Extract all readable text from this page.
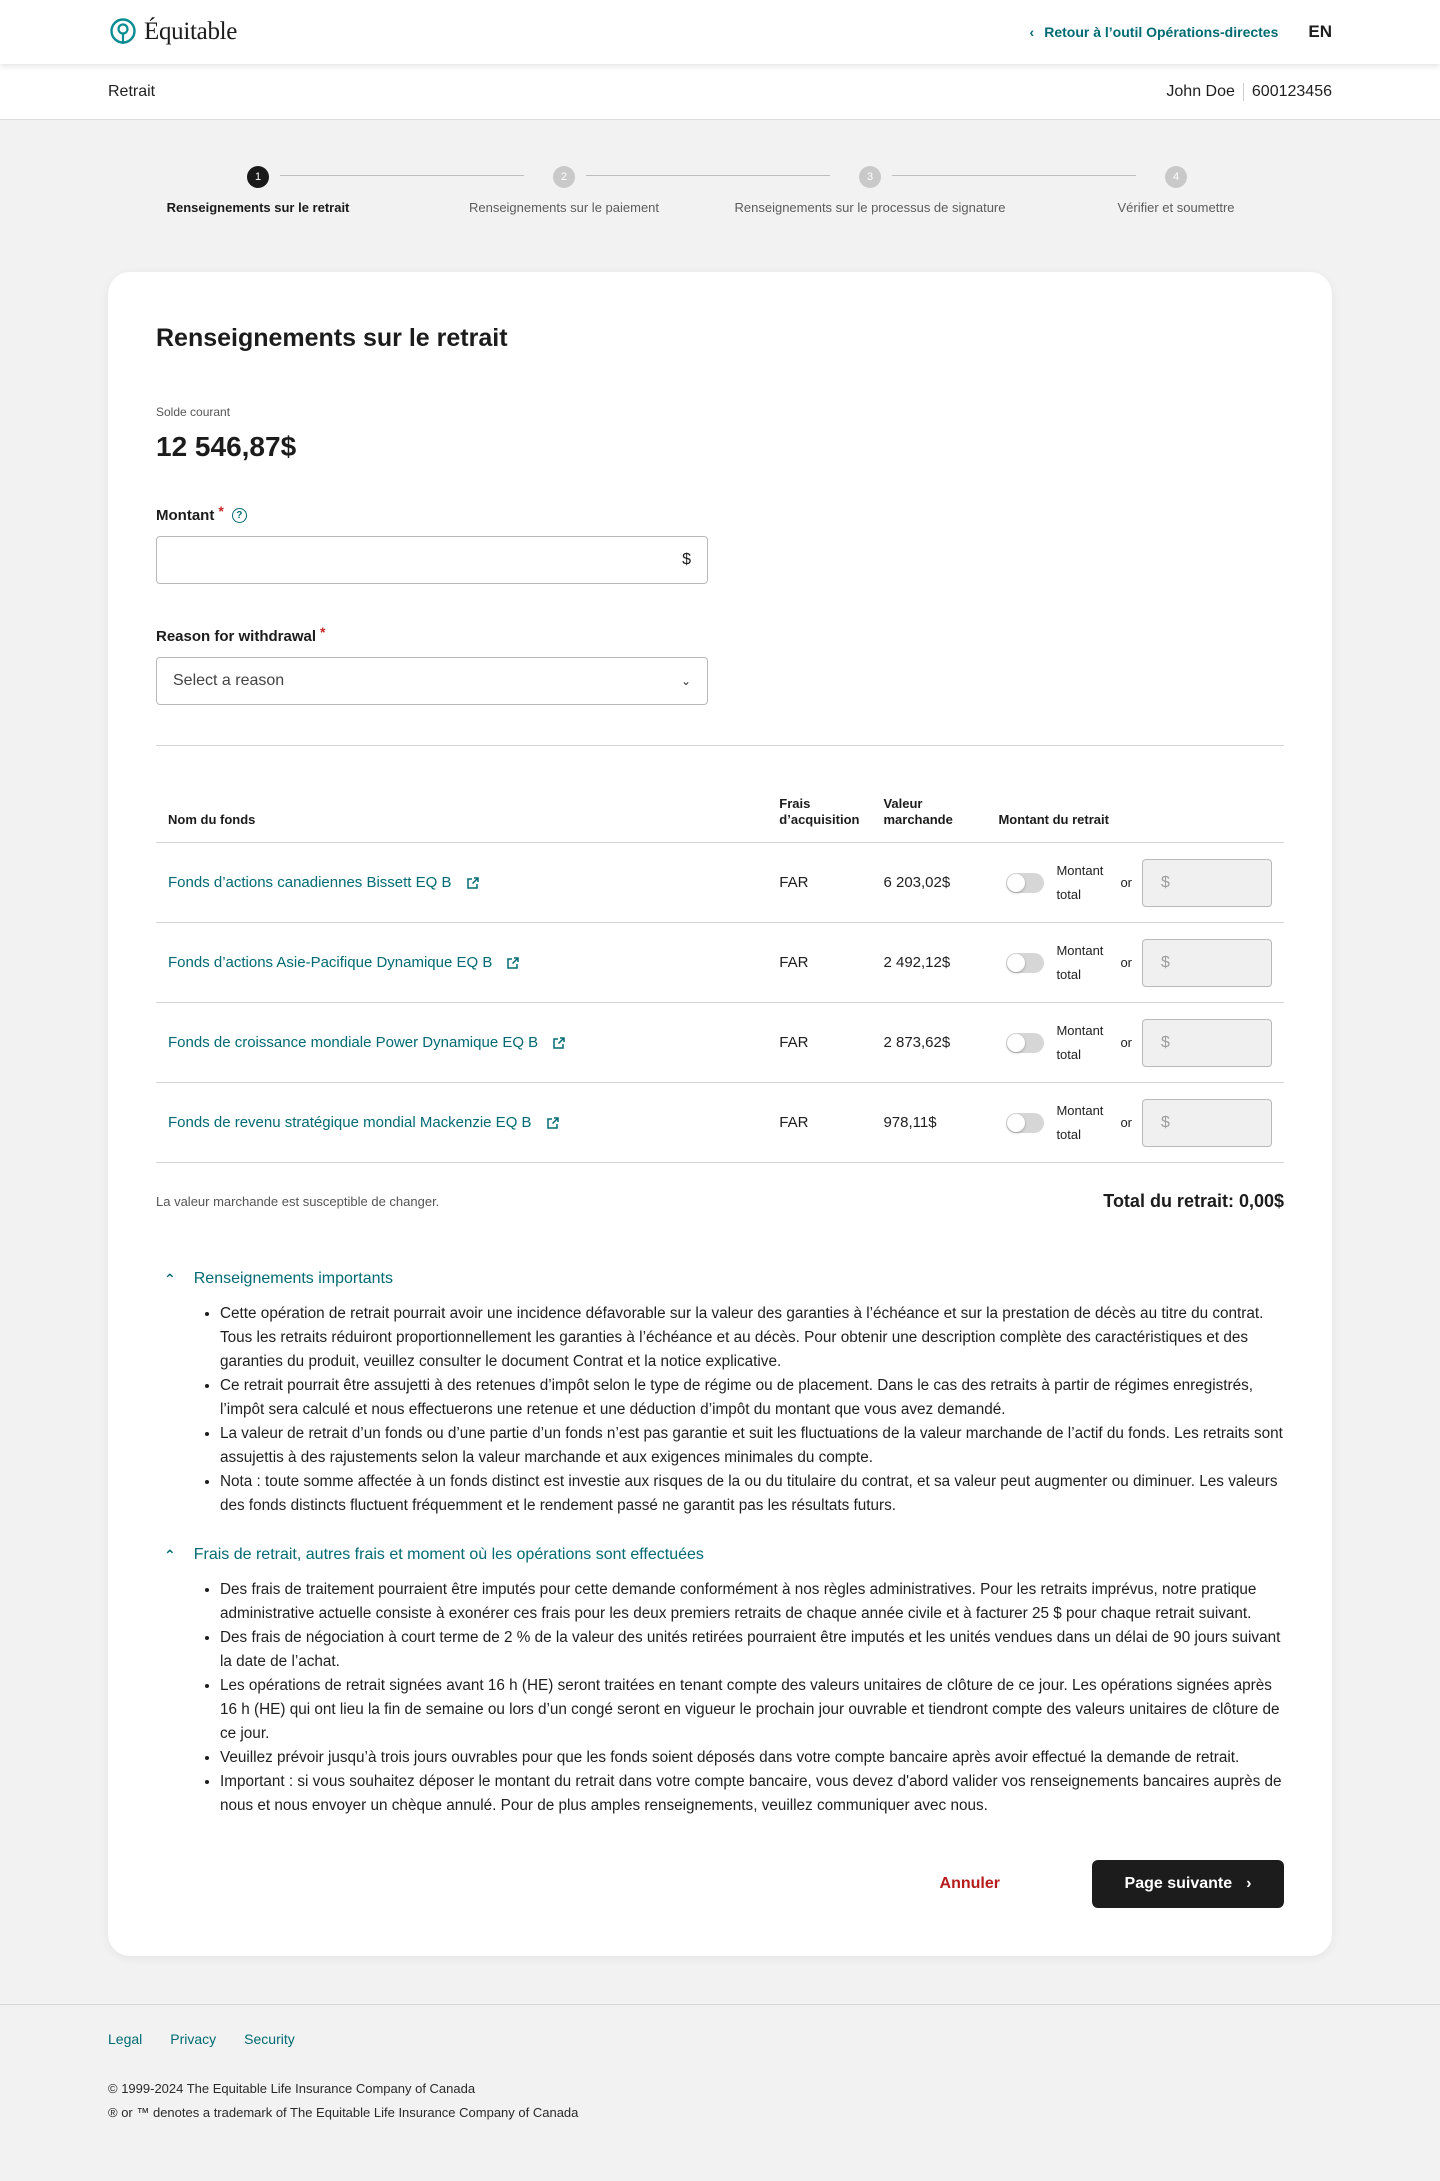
Équitable	‹ Retour à l’outil Opérations-directes EN
Retrait	John Doe	600123456
1
Renseignements sur le retrait
2
Renseignements sur le paiement
3
Renseignements sur le processus de signature
4
Vérifier et soumettre
Renseignements sur le retrait
Solde courant
12 546,87$
Montant *	?
$
Reason for withdrawal *
Select a reason	⌄
Nom du fonds	Frais d’acquisition	Valeur marchande	Montant du retrait

Fonds d’actions canadiennes Bissett EQ B	FAR	6 203,02$	Montant total
or $

Fonds d’actions Asie-Pacifique Dynamique EQ B	FAR	2 492,12$	Montant total
or $

Fonds de croissance mondiale Power Dynamique EQ B	FAR	2 873,62$	Montant total
or $

Fonds de revenu stratégique mondial Mackenzie EQ B	FAR	978,11$	Montant total
or $
La valeur marchande est susceptible de changer.	Total du retrait: 0,00$
⌃ Renseignements importants
• Cette opération de retrait pourrait avoir une incidence défavorable sur la valeur des garanties à l’échéance et sur la prestation de décès au titre du contrat. Tous les retraits réduiront proportionnellement les garanties à l’échéance et au décès. Pour obtenir une description complète des caractéristiques et des garanties du produit, veuillez consulter le document Contrat et la notice explicative.
• Ce retrait pourrait être assujetti à des retenues d’impôt selon le type de régime ou de placement. Dans le cas des retraits à partir de régimes enregistrés, l’impôt sera calculé et nous effectuerons une retenue et une déduction d’impôt du montant que vous avez demandé.
• La valeur de retrait d’un fonds ou d’une partie d’un fonds n’est pas garantie et suit les fluctuations de la valeur marchande de l’actif du fonds. Les retraits sont assujettis à des rajustements selon la valeur marchande et aux exigences minimales du compte.
• Nota : toute somme affectée à un fonds distinct est investie aux risques de la ou du titulaire du contrat, et sa valeur peut augmenter ou diminuer. Les valeurs des fonds distincts fluctuent fréquemment et le rendement passé ne garantit pas les résultats futurs.
⌃ Frais de retrait, autres frais et moment où les opérations sont effectuées
• Des frais de traitement pourraient être imputés pour cette demande conformément à nos règles administratives. Pour les retraits imprévus, notre pratique administrative actuelle consiste à exonérer ces frais pour les deux premiers retraits de chaque année civile et à facturer 25 $ pour chaque retrait suivant.
• Des frais de négociation à court terme de 2 % de la valeur des unités retirées pourraient être imputés et les unités vendues dans un délai de 90 jours suivant la date de l’achat.
• Les opérations de retrait signées avant 16 h (HE) seront traitées en tenant compte des valeurs unitaires de clôture de ce jour. Les opérations signées après 16 h (HE) qui ont lieu la fin de semaine ou lors d’un congé seront en vigueur le prochain jour ouvrable et tiendront compte des valeurs unitaires de clôture de ce jour.
• Veuillez prévoir jusqu’à trois jours ouvrables pour que les fonds soient déposés dans votre compte bancaire après avoir effectué la demande de retrait.
• Important : si vous souhaitez déposer le montant du retrait dans votre compte bancaire, vous devez d'abord valider vos renseignements bancaires auprès de nous et nous envoyer un chèque annulé. Pour de plus amples renseignements, veuillez communiquer avec nous.
Annuler	Page suivante ›
Legal Privacy Security
© 1999-2024 The Equitable Life Insurance Company of Canada
® or ™ denotes a trademark of The Equitable Life Insurance Company of Canada
